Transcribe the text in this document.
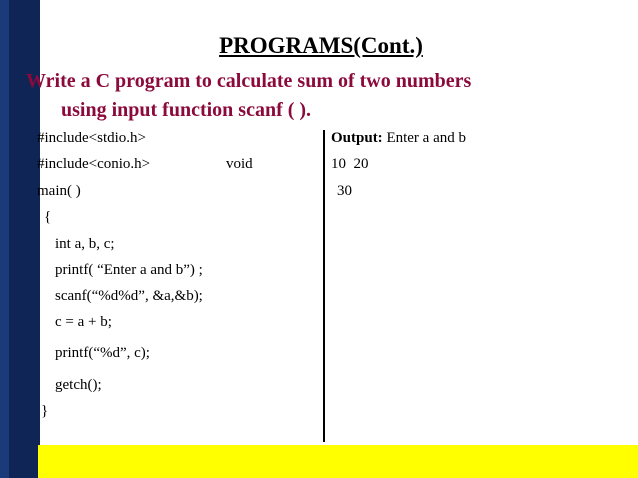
PROGRAMS(Cont.)
Write a C program to calculate sum of two numbers
using input function scanf ( ).
#include<stdio.h>
#include<conio.h>	void
main( )
{
int a, b, c;
printf( “Enter a and b”) ;
scanf(“%d%d”, &a,&b);
c = a + b;
printf(“%d”, c);
getch();
}
Output: Enter a and b
10  20
30
